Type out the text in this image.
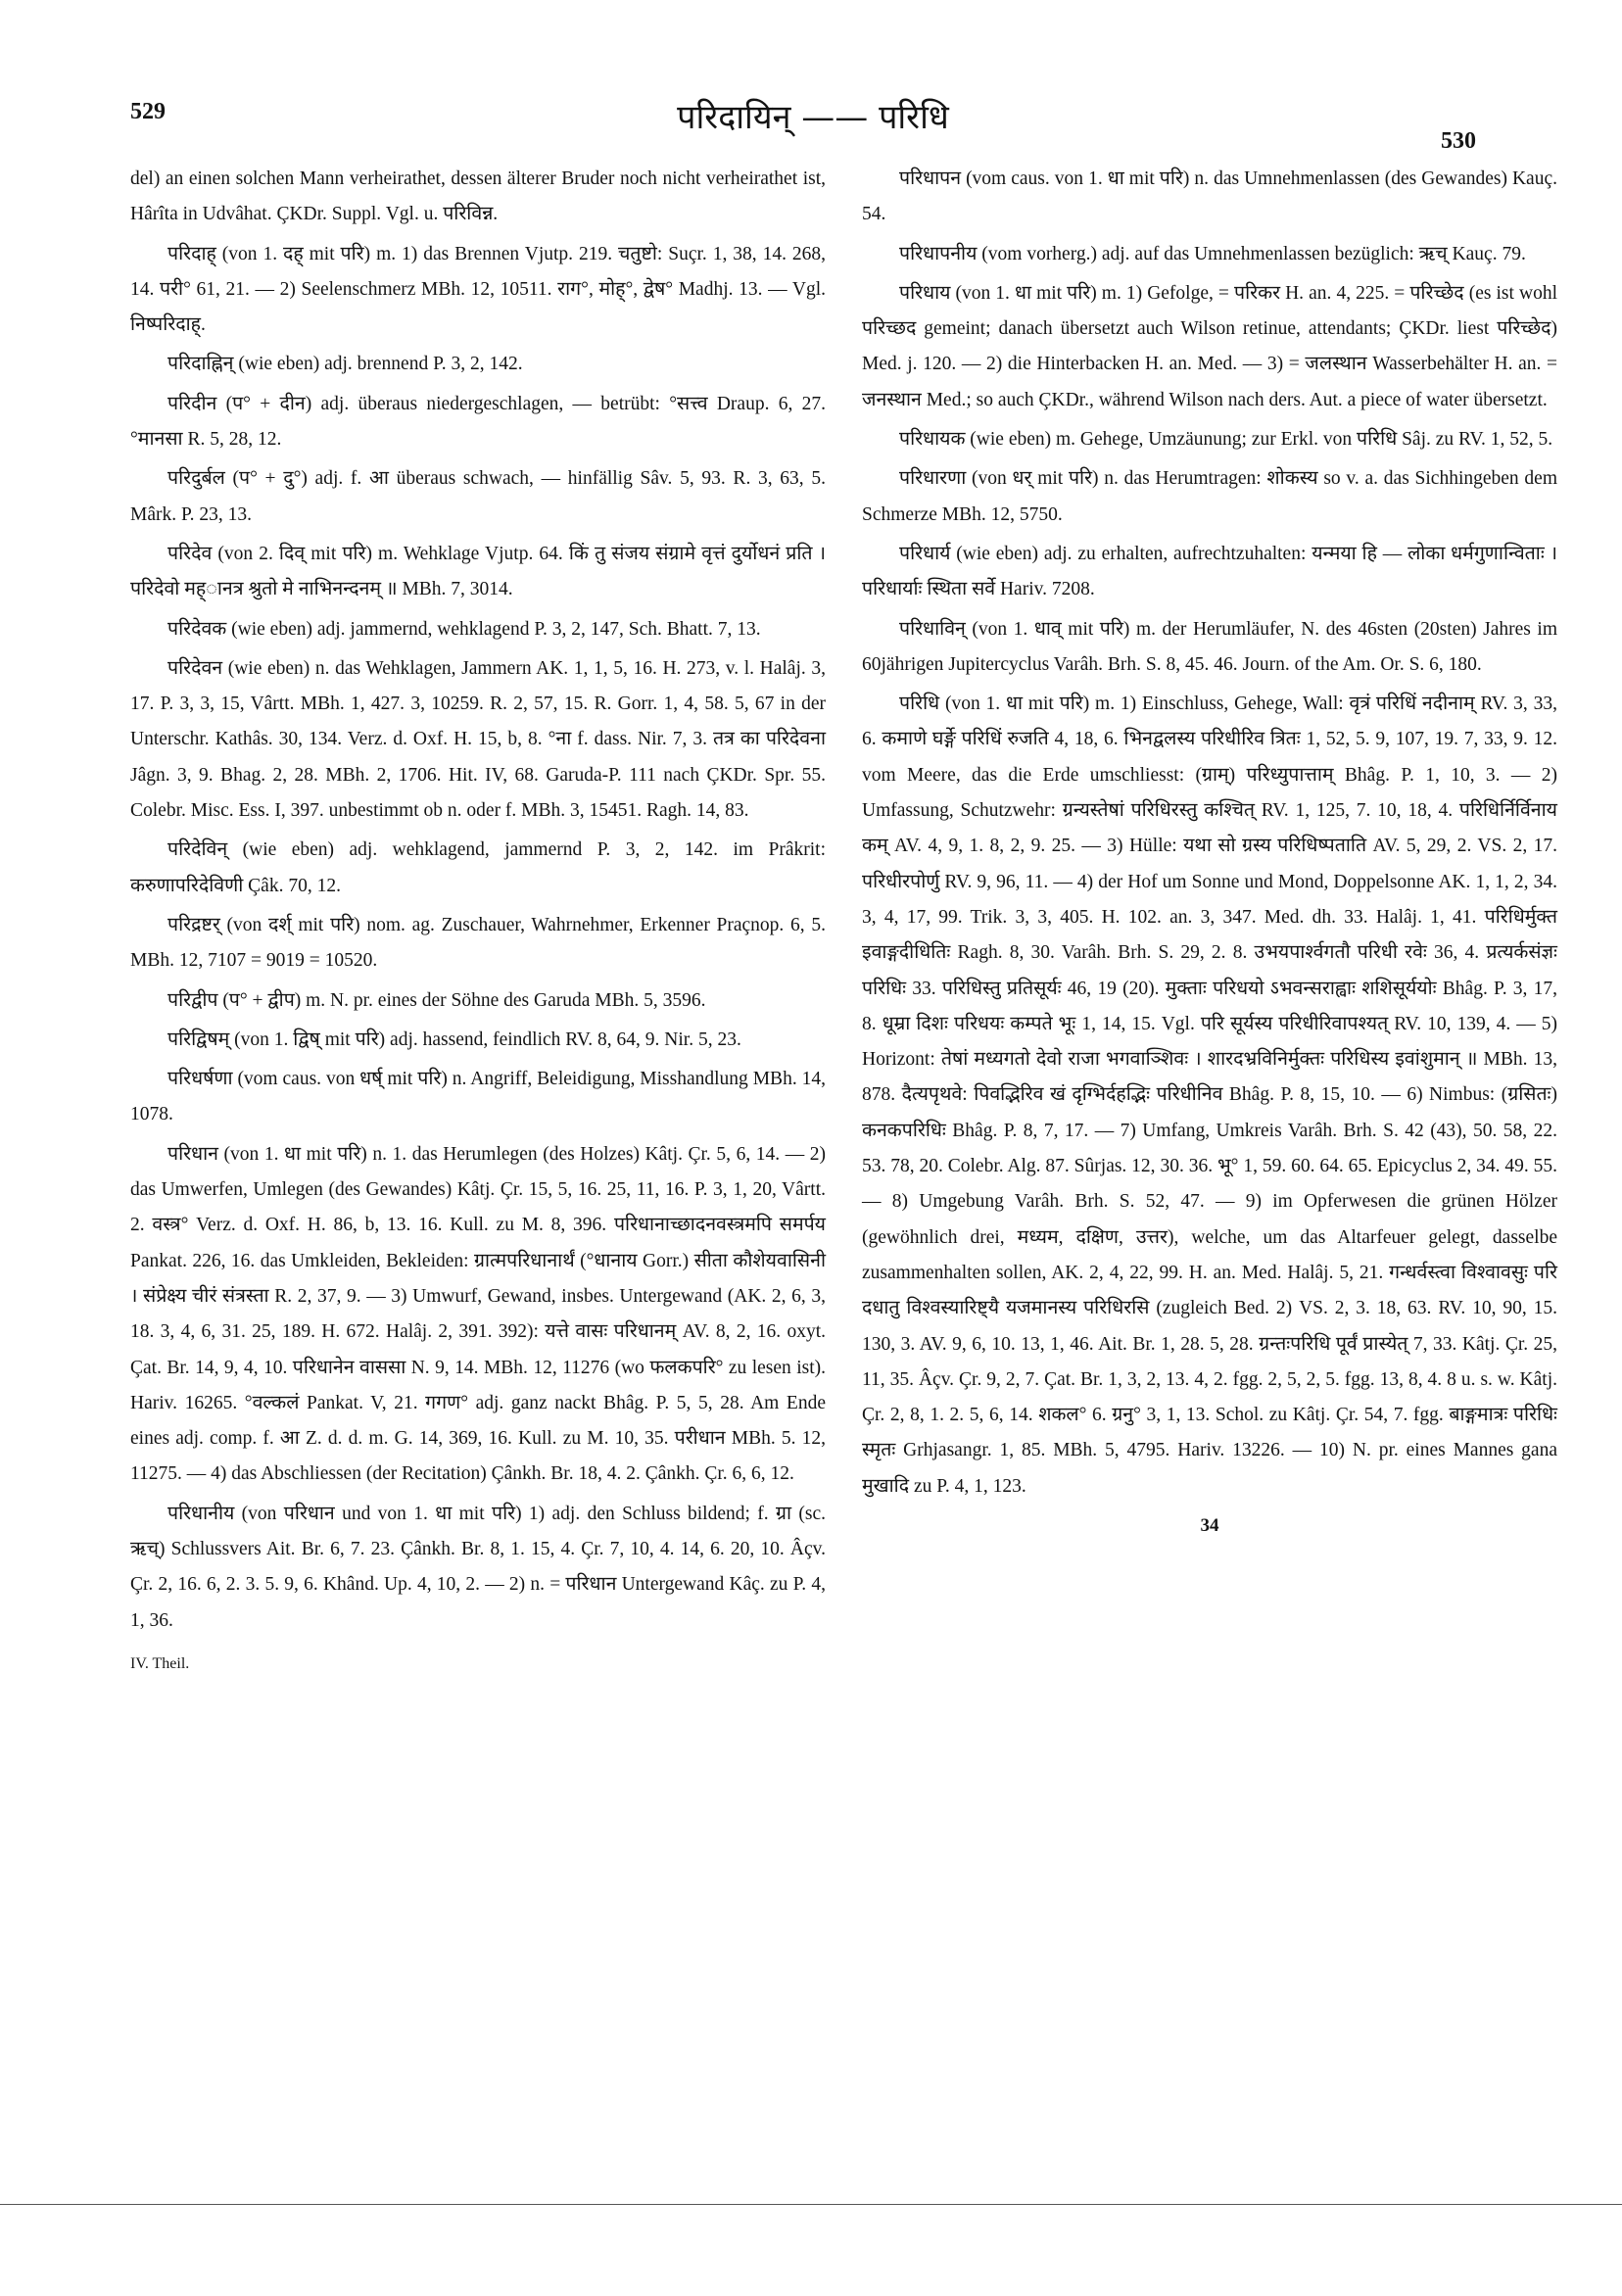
529	परिदायिन् —— परिधि
530

del) an einen solchen Mann verheirathet, dessen älterer Bruder noch nicht verheirathet ist, Hârîta in Udvâhat. ÇKDr. Suppl. Vgl. u. परिविन्न.

परिदाह् (von 1. दह् mit परि) m. 1) das Brennen Vjutp. 219. चतुष्टो: Suçr. 1, 38, 14. 268, 14. परी° 61, 21. — 2) Seelenschmerz MBh. 12, 10511. राग°, मोह्°, द्वेष° Madhj. 13. — Vgl. निष्परिदाह्.

परिदाह्निन् (wie eben) adj. brennend P. 3, 2, 142.

परिदीन (प° + दीन) adj. überaus niedergeschlagen, — betrübt: °सत्त्व Draup. 6, 27. °मानसा R. 5, 28, 12.

परिदुर्बल (प° + दु°) adj. f. आ überaus schwach, — hinfällig Sâv. 5, 93. R. 3, 63, 5. Mârk. P. 23, 13.

परिदेव (von 2. दिव् mit परि) m. Wehklage Vjutp. 64. किं तु संजय संग्रामे वृत्तं दुर्योधनं प्रति । परिदेवो मह्ानत्र श्रुतो मे नाभिनन्दनम् ॥ MBh. 7, 3014.

परिदेवक (wie eben) adj. jammernd, wehklagend P. 3, 2, 147, Sch. Bhatt. 7, 13.

परिदेवन (wie eben) n. das Wehklagen, Jammern AK. 1, 1, 5, 16. H. 273, v. l. Halâj. 3, 17. P. 3, 3, 15, Vârtt. MBh. 1, 427. 3, 10259. R. 2, 57, 15. R. Gorr. 1, 4, 58. 5, 67 in der Unterschr. Kathâs. 30, 134. Verz. d. Oxf. H. 15, b, 8. °ना f. dass. Nir. 7, 3. तत्र का परिदेवना Jâgn. 3, 9. Bhag. 2, 28. MBh. 2, 1706. Hit. IV, 68. Garuda-P. 111 nach ÇKDr. Spr. 55. Colebr. Misc. Ess. I, 397. unbestimmt ob n. oder f. MBh. 3, 15451. Ragh. 14, 83.

परिदेविन् (wie eben) adj. wehklagend, jammernd P. 3, 2, 142. im Prâkrit: करुणापरिदेविणी Çâk. 70, 12.

परिद्रष्टर् (von दर्श् mit परि) nom. ag. Zuschauer, Wahrnehmer, Erkenner Praçnop. 6, 5. MBh. 12, 7107 = 9019 = 10520.

परिद्वीप (प° + द्वीप) m. N. pr. eines der Söhne des Garuda MBh. 5, 3596.

परिद्विषम् (von 1. द्विष् mit परि) adj. hassend, feindlich RV. 8, 64, 9. Nir. 5, 23.

परिधर्षणा (vom caus. von धर्ष् mit परि) n. Angriff, Beleidigung, Misshandlung MBh. 14, 1078.

परिधान (von 1. धा mit परि) n. 1. das Herumlegen (des Holzes) Kâtj. Çr. 5, 6, 14. — 2) das Umwerfen, Umlegen (des Gewandes) Kâtj. Çr. 15, 5, 16. 25, 11, 16. P. 3, 1, 20, Vârtt. 2. वस्त्र° Verz. d. Oxf. H. 86, b, 13. 16. Kull. zu M. 8, 396. परिधानाच्छादनवस्त्रमपि समर्पय Pankat. 226, 16. das Umkleiden, Bekleiden: ग्रात्मपरिधानार्थं (°धानाय Gorr.) सीता कौशेयवासिनी । संप्रेक्ष्य चीरं संत्रस्ता R. 2, 37, 9. — 3) Umwurf, Gewand, insbes. Untergewand (AK. 2, 6, 3, 18. 3, 4, 6, 31. 25, 189. H. 672. Halâj. 2, 391. 392): यत्ते वासः परिधानम् AV. 8, 2, 16. oxyt. Çat. Br. 14, 9, 4, 10. परिधानेन वाससा N. 9, 14. MBh. 12, 11276 (wo फलकपरि° zu lesen ist). Hariv. 16265. °वल्कलं Pankat. V, 21. गगण° adj. ganz nackt Bhâg. P. 5, 5, 28. Am Ende eines adj. comp. f. आ Z. d. d. m. G. 14, 369, 16. Kull. zu M. 10, 35. परीधान MBh. 5. 12, 11275. — 4) das Abschliessen (der Recitation) Çânkh. Br. 18, 4. 2. Çânkh. Çr. 6, 6, 12.

परिधानीय (von परिधान und von 1. धा mit परि) 1) adj. den Schluss bildend; f. ग्रा (sc. ऋच्) Schlussvers Ait. Br. 6, 7. 23. Çânkh. Br. 8, 1. 15, 4. Çr. 7, 10, 4. 14, 6. 20, 10. Âçv. Çr. 2, 16. 6, 2. 3. 5. 9, 6. Khând. Up. 4, 10, 2. — 2) n. = परिधान Untergewand Kâç. zu P. 4, 1, 36.

IV. Theil.

परिधापन (vom caus. von 1. धा mit परि) n. das Umnehmenlassen (des Gewandes) Kauç. 54.

परिधापनीय (vom vorherg.) adj. auf das Umnehmenlassen bezüglich: ऋच् Kauç. 79.

परिधाय (von 1. धा mit परि) m. 1) Gefolge, = परिकर H. an. 4, 225. = परिच्छेद (es ist wohl परिच्छद gemeint; danach übersetzt auch Wilson retinue, attendants; ÇKDr. liest परिच्छेद) Med. j. 120. — 2) die Hinterbacken H. an. Med. — 3) = जलस्थान Wasserbehälter H. an. = जनस्थान Med.; so auch ÇKDr., während Wilson nach ders. Aut. a piece of water übersetzt.

परिधायक (wie eben) m. Gehege, Umzäunung; zur Erkl. von परिधि Sâj. zu RV. 1, 52, 5.

परिधारणा (von धर् mit परि) n. das Herumtragen: शोकस्य so v. a. das Sichhingeben dem Schmerze MBh. 12, 5750.

परिधार्य (wie eben) adj. zu erhalten, aufrechtzuhalten: यन्मया हि — लोका धर्मगुणान्विताः । परिधार्याः स्थिता सर्वे Hariv. 7208.

परिधाविन् (von 1. धाव् mit परि) m. der Herumläufer, N. des 46sten (20sten) Jahres im 60jährigen Jupitercyclus Varâh. Brh. S. 8, 45. 46. Journ. of the Am. Or. S. 6, 180.

परिधि (von 1. धा mit परि) m. 1) Einschluss, Gehege, Wall: वृत्रं परिधिं नदीनाम् RV. 3, 33, 6. कमाणे घर्ङ्गे परिधिं रुजति 4, 18, 6. भिनद्वलस्य परिधीरिव त्रितः 1, 52, 5. 9, 107, 19. 7, 33, 9. 12. vom Meere, das die Erde umschliesst: (ग्राम्) परिध्युपात्ताम् Bhâg. P. 1, 10, 3. — 2) Umfassung, Schutzwehr: ग्रन्यस्तेषां परिधिरस्तु कश्चित् RV. 1, 125, 7. 10, 18, 4. परिधिर्निर्विनाय कम् AV. 4, 9, 1. 8, 2, 9. 25. — 3) Hülle: यथा सो ग्रस्य परिधिष्पताति AV. 5, 29, 2. VS. 2, 17. परिधीरपोर्णु RV. 9, 96, 11. — 4) der Hof um Sonne und Mond, Doppelsonne AK. 1, 1, 2, 34. 3, 4, 17, 99. Trik. 3, 3, 405. H. 102. an. 3, 347. Med. dh. 33. Halâj. 1, 41. परिधिर्मुक्त इवाङ्गदीधितिः Ragh. 8, 30. Varâh. Brh. S. 29, 2. 8. उभयपार्श्वगतौ परिधी रवेः 36, 4. प्रत्यर्कसंज्ञः परिधिः 33. परिधिस्तु प्रतिसूर्यः 46, 19 (20). मुक्ताः परिधयो ऽभवन्सराह्वाः शशिसूर्ययोः Bhâg. P. 3, 17, 8. धूम्रा दिशः परिधयः कम्पते भूः 1, 14, 15. Vgl. परि सूर्यस्य परिधीरिवापश्यत् RV. 10, 139, 4. — 5) Horizont: तेषां मध्यगतो देवो राजा भगवाञ्शिवः । शारदभ्रविनिर्मुक्तः परिधिस्य इवांशुमान् ॥ MBh. 13, 878. दैत्यपृथवे: पिवद्भिरिव खं दृग्भिर्दहद्भिः परिधीनिव Bhâg. P. 8, 15, 10. — 6) Nimbus: (ग्रसितः) कनकपरिधिः Bhâg. P. 8, 7, 17. — 7) Umfang, Umkreis Varâh. Brh. S. 42 (43), 50. 58, 22. 53. 78, 20. Colebr. Alg. 87. Sûrjas. 12, 30. 36. भू° 1, 59. 60. 64. 65. Epicyclus 2, 34. 49. 55. — 8) Umgebung Varâh. Brh. S. 52, 47. — 9) im Opferwesen die grünen Hölzer (gewöhnlich drei, मध्यम, दक्षिण, उत्तर), welche, um das Altarfeuer gelegt, dasselbe zusammenhalten sollen, AK. 2, 4, 22, 99. H. an. Med. Halâj. 5, 21. गन्धर्वस्त्वा विश्वावसुः परि दधातु विश्वस्यारिष्ट्यै यजमानस्य परिधिरसि (zugleich Bed. 2) VS. 2, 3. 18, 63. RV. 10, 90, 15. 130, 3. AV. 9, 6, 10. 13, 1, 46. Ait. Br. 1, 28. 5, 28. ग्रन्तःपरिधि पूर्वं प्रास्येत् 7, 33. Kâtj. Çr. 25, 11, 35. Âçv. Çr. 9, 2, 7. Çat. Br. 1, 3, 2, 13. 4, 2. fgg. 2, 5, 2, 5. fgg. 13, 8, 4. 8 u. s. w. Kâtj. Çr. 2, 8, 1. 2. 5, 6, 14. शकल° 6. ग्रनु° 3, 1, 13. Schol. zu Kâtj. Çr. 54, 7. fgg. बाङ्गमात्रः परिधिः स्मृतः Grhjasangr. 1, 85. MBh. 5, 4795. Hariv. 13226. — 10) N. pr. eines Mannes gana मुखादि zu P. 4, 1, 123.

34
